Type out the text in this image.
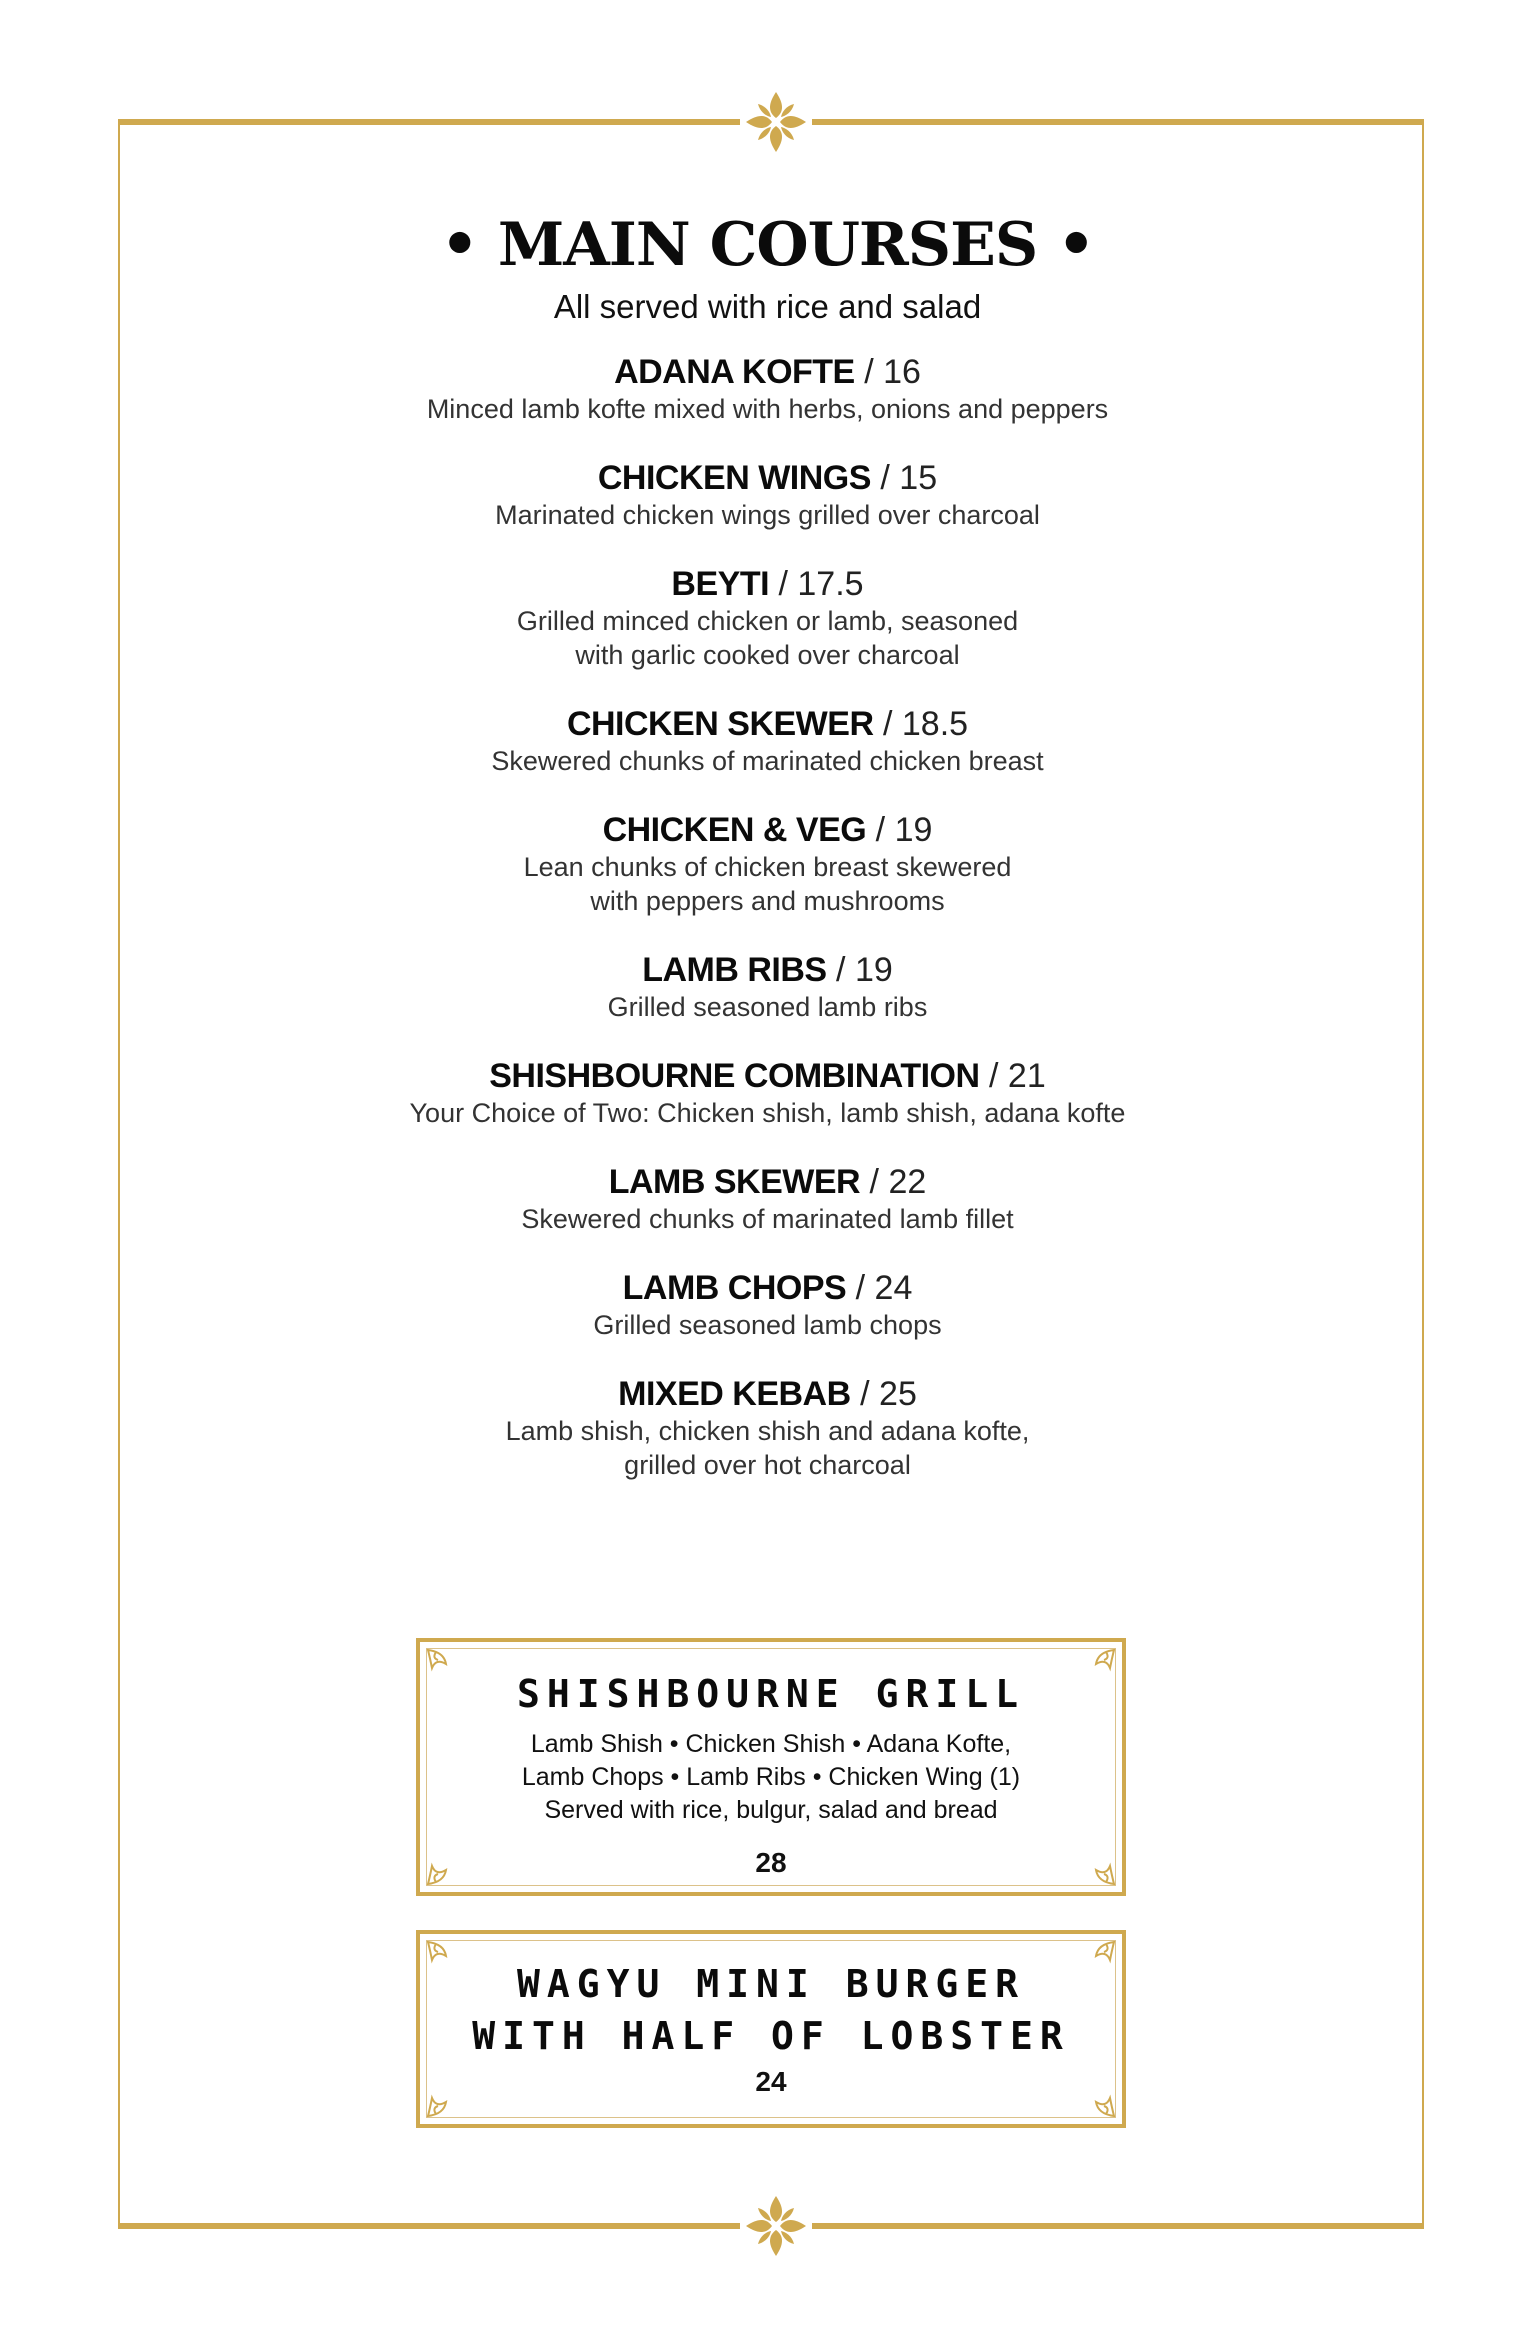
• MAIN COURSES •
All served with rice and salad
ADANA KOFTE / 16
Minced lamb kofte mixed with herbs, onions and peppers
CHICKEN WINGS / 15
Marinated chicken wings grilled over charcoal
BEYTI / 17.5
Grilled minced chicken or lamb, seasoned
with garlic cooked over charcoal
CHICKEN SKEWER / 18.5
Skewered chunks of marinated chicken breast
CHICKEN & VEG / 19
Lean chunks of chicken breast skewered
with peppers and mushrooms
LAMB RIBS / 19
Grilled seasoned lamb ribs
SHISHBOURNE COMBINATION / 21
Your Choice of Two: Chicken shish, lamb shish, adana kofte
LAMB SKEWER / 22
Skewered chunks of marinated lamb fillet
LAMB CHOPS / 24
Grilled seasoned lamb chops
MIXED KEBAB / 25
Lamb shish, chicken shish and adana kofte,
grilled over hot charcoal
SHISHBOURNE GRILL
Lamb Shish • Chicken Shish • Adana Kofte,
Lamb Chops • Lamb Ribs • Chicken Wing (1)
Served with rice, bulgur, salad and bread
28
WAGYU MINI BURGER
WITH HALF OF LOBSTER
24
